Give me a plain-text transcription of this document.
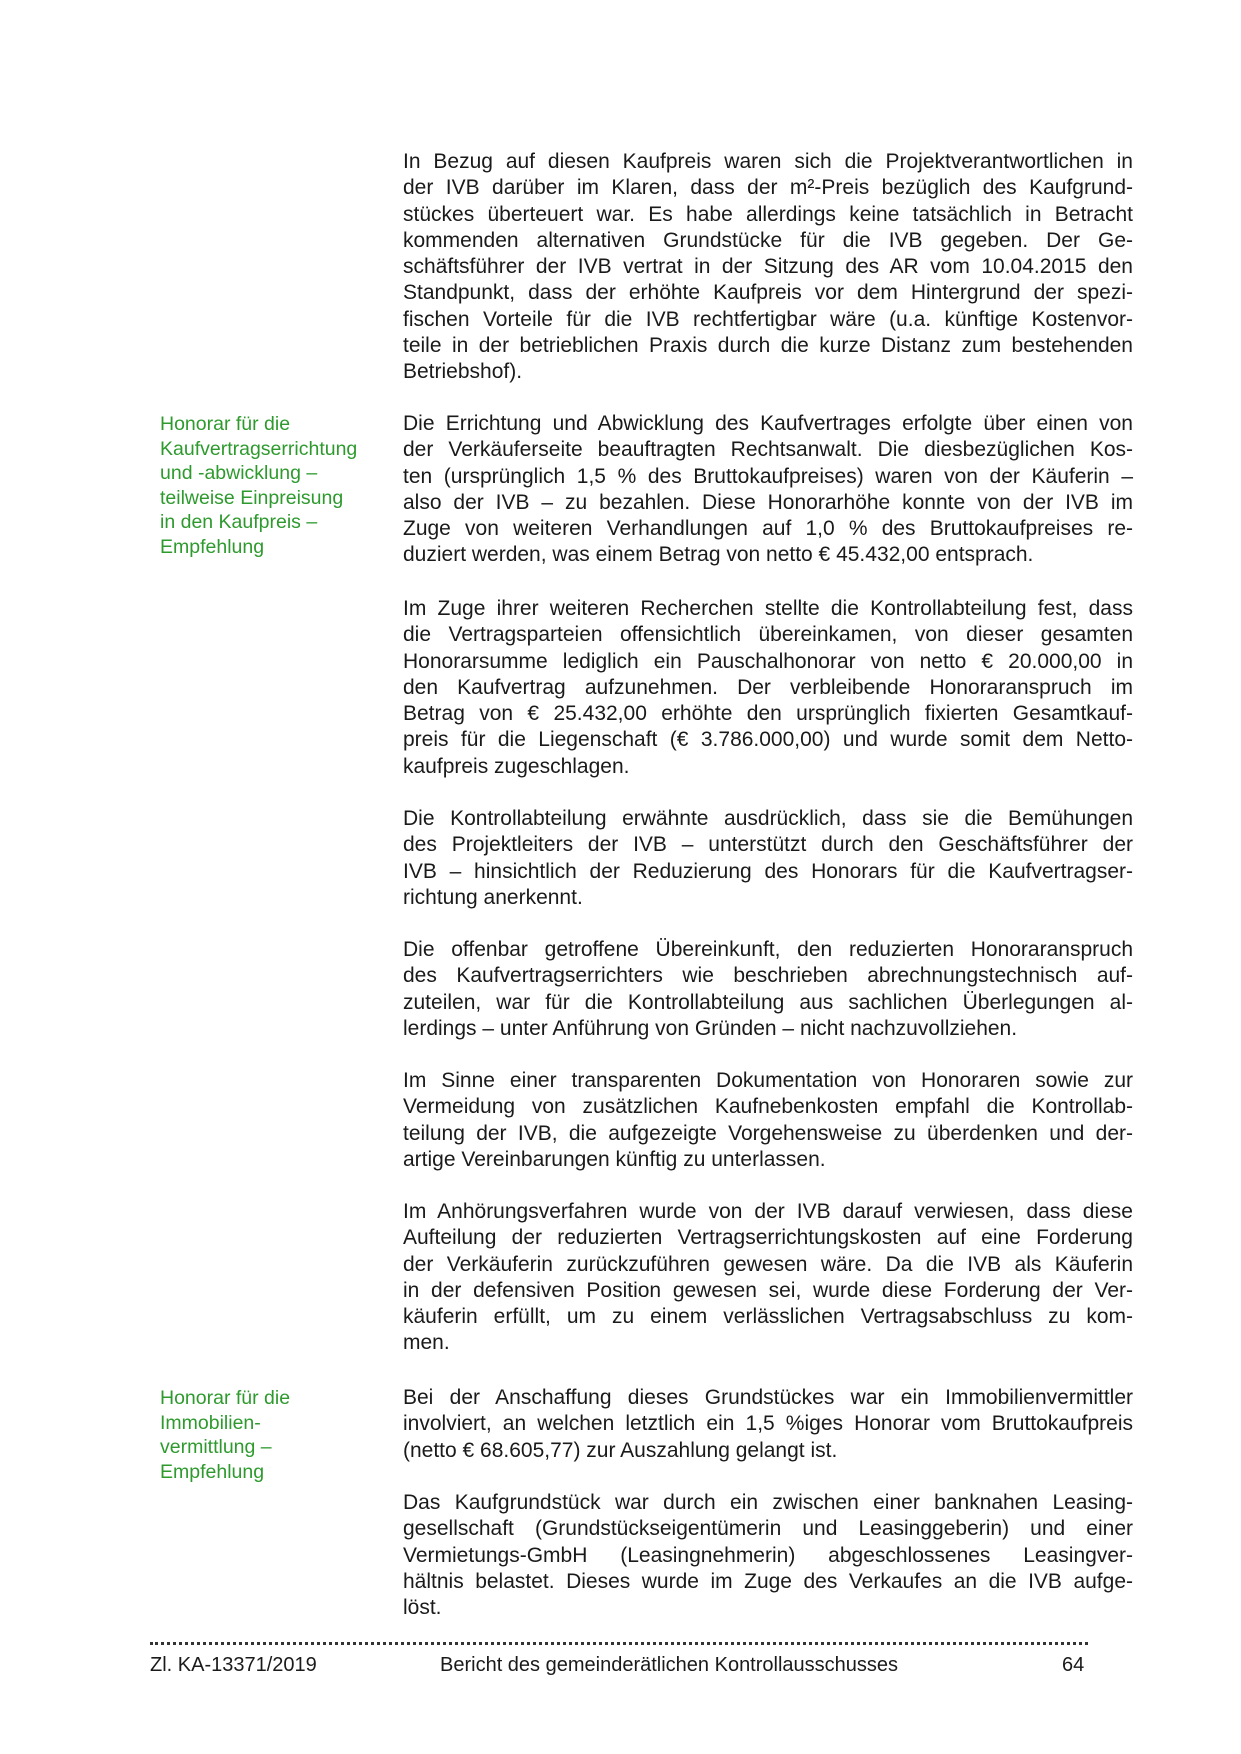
Honorar für die
Kaufvertragserrichtung
und -abwicklung –
teilweise Einpreisung
in den Kaufpreis –
Empfehlung
Honorar für die
Immobilien-
vermittlung –
Empfehlung
In Bezug auf diesen Kaufpreis waren sich die Projektverantwortlichen in
der IVB darüber im Klaren, dass der m²-Preis bezüglich des Kaufgrund-
stückes überteuert war. Es habe allerdings keine tatsächlich in Betracht
kommenden alternativen Grundstücke für die IVB gegeben. Der Ge-
schäftsführer der IVB vertrat in der Sitzung des AR vom 10.04.2015 den
Standpunkt, dass der erhöhte Kaufpreis vor dem Hintergrund der spezi-
fischen Vorteile für die IVB rechtfertigbar wäre (u.a. künftige Kostenvor-
teile in der betrieblichen Praxis durch die kurze Distanz zum bestehenden
Betriebshof).
Die Errichtung und Abwicklung des Kaufvertrages erfolgte über einen von
der Verkäuferseite beauftragten Rechtsanwalt. Die diesbezüglichen Kos-
ten (ursprünglich 1,5 % des Bruttokaufpreises) waren von der Käuferin –
also der IVB – zu bezahlen. Diese Honorarhöhe konnte von der IVB im
Zuge von weiteren Verhandlungen auf 1,0 % des Bruttokaufpreises re-
duziert werden, was einem Betrag von netto € 45.432,00 entsprach.
Im Zuge ihrer weiteren Recherchen stellte die Kontrollabteilung fest, dass
die Vertragsparteien offensichtlich übereinkamen, von dieser gesamten
Honorarsumme lediglich ein Pauschalhonorar von netto € 20.000,00 in
den Kaufvertrag aufzunehmen. Der verbleibende Honoraranspruch im
Betrag von € 25.432,00 erhöhte den ursprünglich fixierten Gesamtkauf-
preis für die Liegenschaft (€ 3.786.000,00) und wurde somit dem Netto-
kaufpreis zugeschlagen.
Die Kontrollabteilung erwähnte ausdrücklich, dass sie die Bemühungen
des Projektleiters der IVB – unterstützt durch den Geschäftsführer der
IVB – hinsichtlich der Reduzierung des Honorars für die Kaufvertragser-
richtung anerkennt.
Die offenbar getroffene Übereinkunft, den reduzierten Honoraranspruch
des Kaufvertragserrichters wie beschrieben abrechnungstechnisch auf-
zuteilen, war für die Kontrollabteilung aus sachlichen Überlegungen al-
lerdings – unter Anführung von Gründen – nicht nachzuvollziehen.
Im Sinne einer transparenten Dokumentation von Honoraren sowie zur
Vermeidung von zusätzlichen Kaufnebenkosten empfahl die Kontrollab-
teilung der IVB, die aufgezeigte Vorgehensweise zu überdenken und der-
artige Vereinbarungen künftig zu unterlassen.
Im Anhörungsverfahren wurde von der IVB darauf verwiesen, dass diese
Aufteilung der reduzierten Vertragserrichtungskosten auf eine Forderung
der Verkäuferin zurückzuführen gewesen wäre. Da die IVB als Käuferin
in der defensiven Position gewesen sei, wurde diese Forderung der Ver-
käuferin erfüllt, um zu einem verlässlichen Vertragsabschluss zu kom-
men.
Bei der Anschaffung dieses Grundstückes war ein Immobilienvermittler
involviert, an welchen letztlich ein 1,5 %iges Honorar vom Bruttokaufpreis
(netto € 68.605,77) zur Auszahlung gelangt ist.
Das Kaufgrundstück war durch ein zwischen einer banknahen Leasing-
gesellschaft (Grundstückseigentümerin und Leasinggeberin) und einer
Vermietungs-GmbH (Leasingnehmerin) abgeschlossenes Leasingver-
hältnis belastet. Dieses wurde im Zuge des Verkaufes an die IVB aufge-
löst.
Zl. KA-13371/2019	Bericht des gemeinderätlichen Kontrollausschusses	64
